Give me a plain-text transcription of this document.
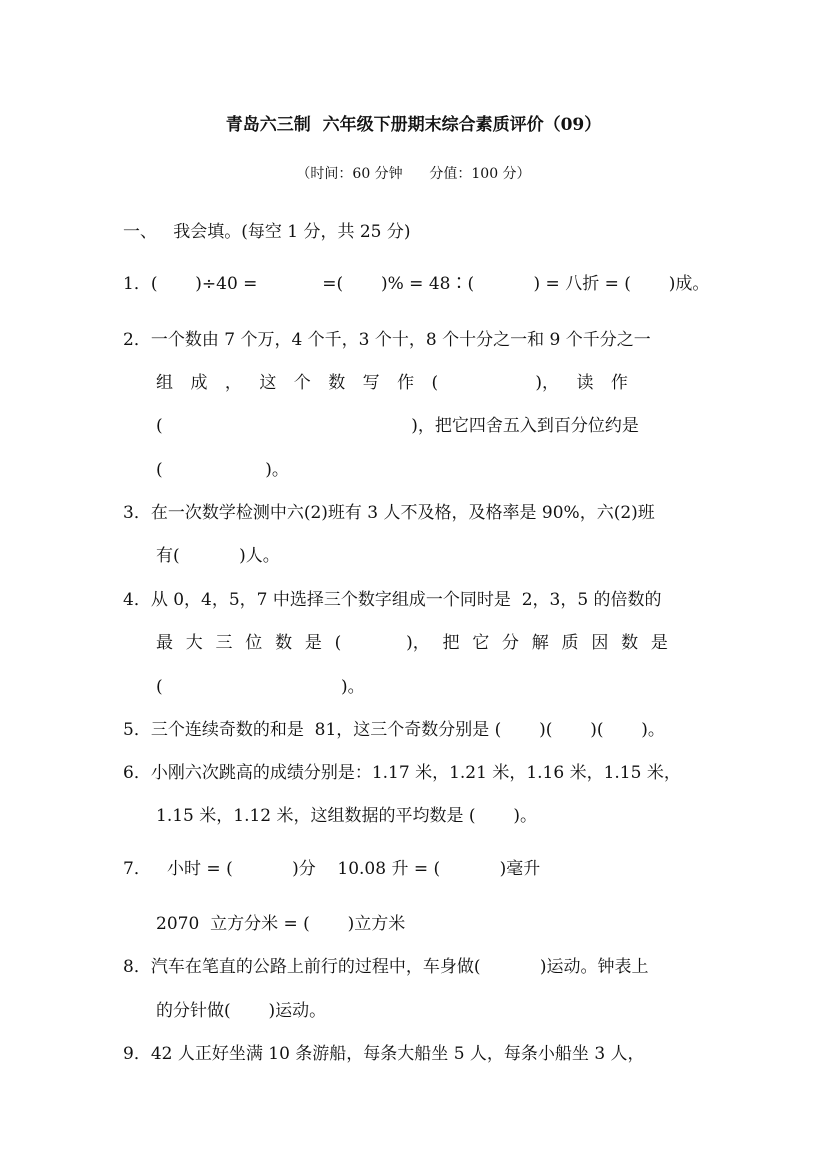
青岛六三制  六年级下册期末综合素质评价（09）
（时间：60 分钟      分值：100 分）
一、   我会填。(每空 1 分，共 25 分)
1．(       )÷40 =            =(       )% = 48∶(           ) = 八折 = (       )成。
2．一个数由 7 个万，4 个千，3 个十，8 个十分之一和 9 个千分之一
组 成 ， 这 个 数 写 作 (                  )， 读 作
(                                              )，把它四舍五入到百分位约是
(                   )。
3．在一次数学检测中六(2)班有 3 人不及格，及格率是 90%，六(2)班
有(           )人。
4．从 0，4，5，7 中选择三个数字组成一个同时是  2，3，5 的倍数的
最 大 三 位 数 是 (            )， 把 它 分 解 质 因 数 是
(                                 )。
5．三个连续奇数的和是  81，这三个奇数分别是 (       )(       )(       )。
6．小刚六次跳高的成绩分别是：1.17 米，1.21 米，1.16 米，1.15 米，
1.15 米，1.12 米，这组数据的平均数是 (       )。
7．   小时 = (           )分    10.08 升 = (           )毫升
2070  立方分米 = (       )立方米
8．汽车在笔直的公路上前行的过程中，车身做(           )运动。钟表上
的分针做(       )运动。
9．42 人正好坐满 10 条游船，每条大船坐 5 人，每条小船坐 3 人，
